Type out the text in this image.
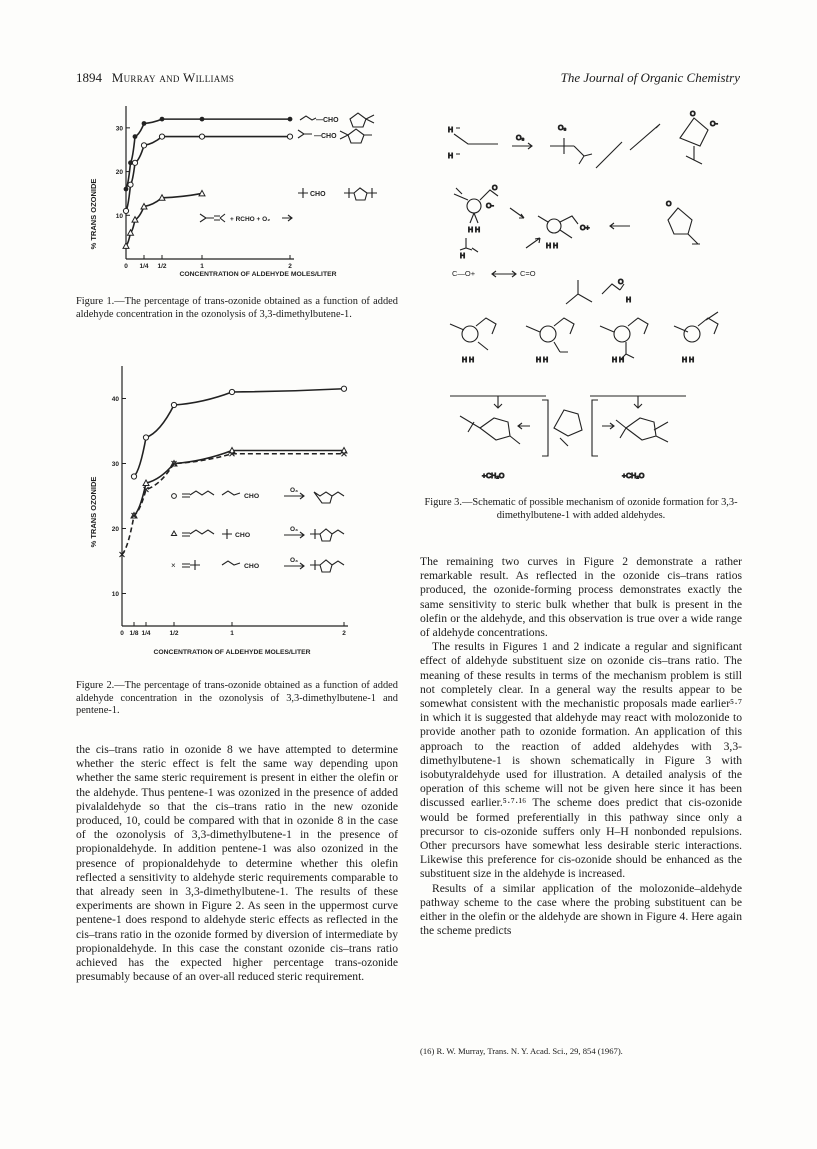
1894 Murray and Williams	The Journal of Organic Chemistry
% TRANS OZONIDE
0 1/4 1/2	1	2
10
20
30
—CHO
—CHO
CHO
+ RCHO + O₂
CONCENTRATION OF ALDEHYDE MOLES/LITER
Figure 1.—The percentage of trans-ozonide obtained as a function of added aldehyde concentration in the ozonolysis of 3,3-dimethylbutene-1.
% TRANS OZONIDE
0 1/8 1/4	1/2	1	2
10
20
30
40
CHO
O₃
CHO
O₃
×	CHO
O₃
CONCENTRATION OF ALDEHYDE MOLES/LITER
Figure 2.—The percentage of trans-ozonide obtained as a function of added aldehyde concentration in the ozonolysis of 3,3-dimethylbutene-1 and pentene-1.

the cis–trans ratio in ozonide 8 we have attempted to determine whether the steric effect is felt the same way depending upon whether the same steric requirement is present in either the olefin or the aldehyde. Thus pentene-1 was ozonized in the presence of added pivalaldehyde so that the cis–trans ratio in the new ozonide produced, 10, could be compared with that in ozonide 8 in the case of the ozonolysis of 3,3-dimethylbutene-1 in the presence of propionaldehyde. In addition pentene-1 was also ozonized in the presence of propionaldehyde to determine whether this olefin reflected a sensitivity to aldehyde steric requirements comparable to that already seen in 3,3-dimethylbutene-1. The results of these experiments are shown in Figure 2. As seen in the uppermost curve pentene-1 does respond to aldehyde steric effects as reflected in the cis–trans ratio in the ozonide formed by diversion of intermediate by propionaldehyde. In this case the constant ozonide cis–trans ratio achieved has the expected higher percentage trans-ozonide presumably because of an over-all reduced steric requirement.

H
H
O₃
O₃
O
O-
O
O-
H H	O+
H H
O
H
C—O+	C=O
O
H
H H	H H	H H	H H
+CH₂O	+CH₂O
Figure 3.—Schematic of possible mechanism of ozonide formation for 3,3-dimethylbutene-1 with added aldehydes.

The remaining two curves in Figure 2 demonstrate a rather remarkable result. As reflected in the ozonide cis–trans ratios produced, the ozonide-forming process demonstrates exactly the same sensitivity to steric bulk whether that bulk is present in the olefin or the aldehyde, and this observation is true over a wide range of aldehyde concentrations.

The results in Figures 1 and 2 indicate a regular and significant effect of aldehyde substituent size on ozonide cis–trans ratio. The meaning of these results in terms of the mechanism problem is still not completely clear. In a general way the results appear to be somewhat consistent with the mechanistic proposals made earlier⁵·⁷ in which it is suggested that aldehyde may react with molozonide to provide another path to ozonide formation. An application of this approach to the reaction of added aldehydes with 3,3-dimethylbutene-1 is shown schematically in Figure 3 with isobutyraldehyde used for illustration. A detailed analysis of the operation of this scheme will not be given here since it has been discussed earlier.⁵·⁷·¹⁶ The scheme does predict that cis-ozonide would be formed preferentially in this pathway since only a precursor to cis-ozonide suffers only H–H nonbonded repulsions. Other precursors have somewhat less desirable steric interactions. Likewise this preference for cis-ozonide should be enhanced as the substituent size in the aldehyde is increased.

Results of a similar application of the molozonide–aldehyde pathway scheme to the case where the probing substituent can be either in the olefin or the aldehyde are shown in Figure 4. Here again the scheme predicts

(16) R. W. Murray, Trans. N. Y. Acad. Sci., 29, 854 (1967).
